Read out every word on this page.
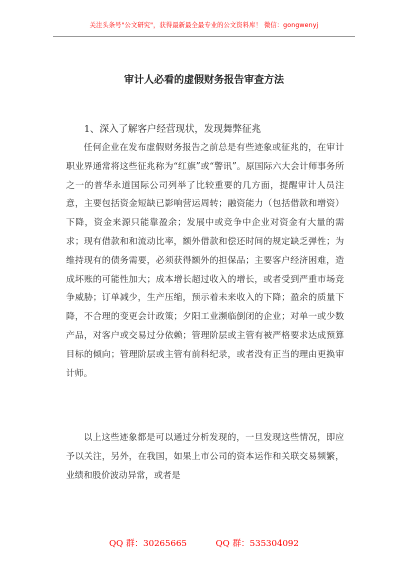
关注头条号"公文研究"，获得最新最全最专业的公文资料库！ 微信：gongwenyj
审计人必看的虚假财务报告审查方法
1、深入了解客户经营现状，发现舞弊征兆

任何企业在发布虚假财务报告之前总是有些迹象或征兆的，在审计职业界通常将这些征兆称为“红旗”或“警讯”。原国际六大会计师事务所之一的普华永道国际公司列举了比较重要的几方面，提醒审计人员注意，主要包括资金短缺已影响营运周转；融资能力（包括借款和增资）下降，资金来源只能靠盈余；发展中或竞争中企业对资金有大量的需求；现有借款和和流动比率，额外借款和偿还时间的规定缺乏弹性；为维持现有的债务需要，必须获得额外的担保品；主要客户经济困难，造成坏账的可能性加大；成本增长超过收入的增长，或者受到严重市场竞争威胁；订单减少，生产压缩，预示着未来收入的下降；盈余的质量下降，不合理的变更会计政策；夕阳工业濒临倒闭的企业；对单一或少数产品，对客户或交易过分依赖；管理阶层或主管有被严格要求达成预算目标的倾向；管理阶层或主管有前科纪录，或者没有正当的理由更换审计师。

以上这些迹象都是可以通过分析发现的，一旦发现这些情况，即应予以关注，另外，在我国，如果上市公司的资本运作和关联交易频繁，业绩和股价波动异常，或者是

QQ 群：30265665	QQ 群：535304092
